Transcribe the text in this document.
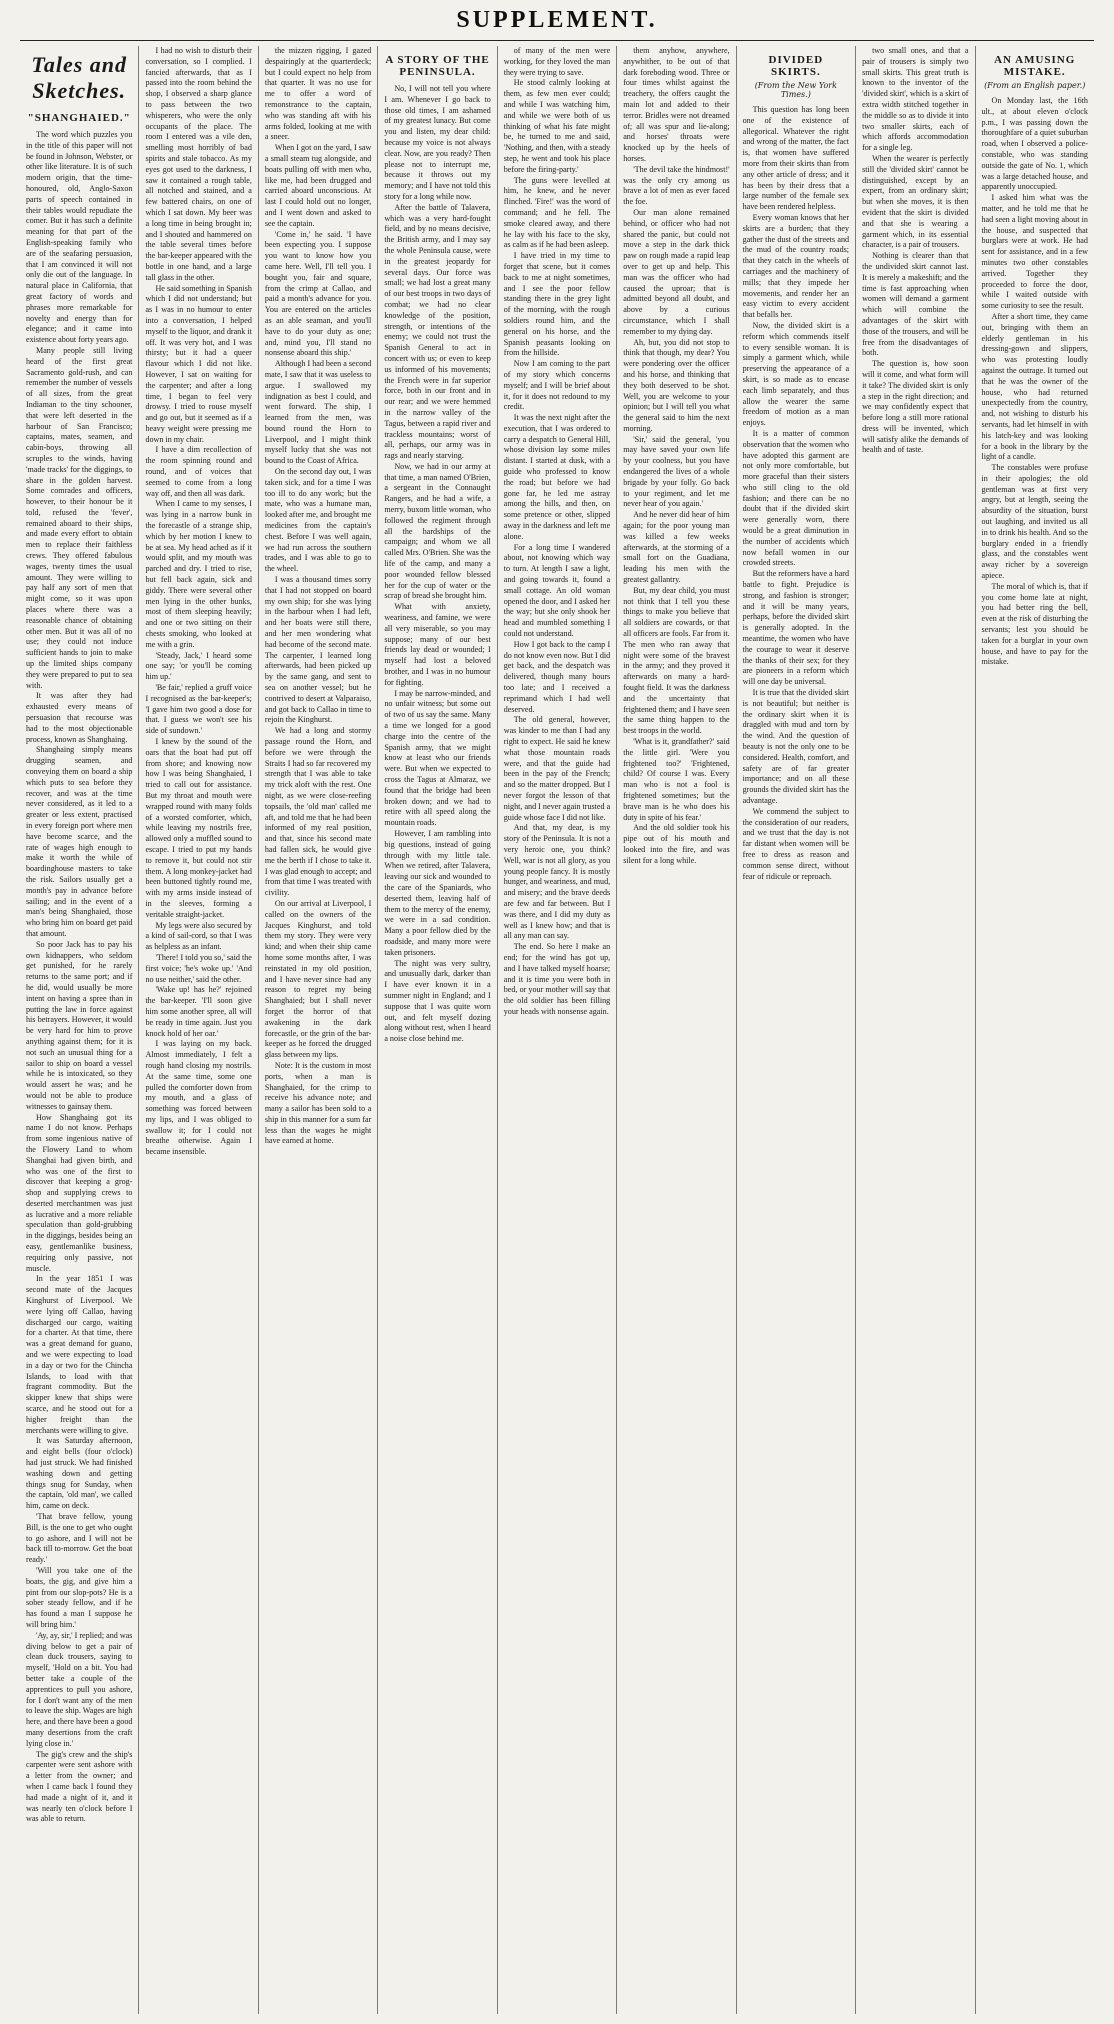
SUPPLEMENT.
Tales and Sketches.
"SHANGHAIED."

The word which puzzles you in the title of this paper will not be found in Johnson, Webster, or other like literature. It is of such modern origin, that the time-honoured, old, Anglo-Saxon parts of speech contained in their tables would repudiate the comer. But it has such a definite meaning for that part of the English-speaking family who are of the seafaring persuasion, that I am convinced it will not only die out of the language. In natural place in California, that great factory of words and phrases more remarkable for novelty and energy than for elegance; and it came into existence about forty years ago.

Many people still living heard of the first great Sacramento gold-rush, and can remember the number of vessels of all sizes, from the great Indiaman to the tiny schooner, that were left deserted in the harbour of San Francisco; captains, mates, seamen, and cabin-boys, throwing all scruples to the winds, having 'made tracks' for the diggings, to share in the golden harvest. Some comrades and officers, however, to their honour be it told, refused the 'fever', remained aboard to their ships, and made every effort to obtain men to replace their faithless crews. They offered fabulous wages, twenty times the usual amount. They were willing to pay half any sort of men that might come, so it was upon places where there was a reasonable chance of obtaining other men. But it was all of no use; they could not induce sufficient hands to join to make up the limited ships company they were prepared to put to sea with.

It was after they had exhausted every means of persuasion that recourse was had to the most objectionable process, known as Shanghaing.

Shanghaing simply means drugging seamen, and conveying them on board a ship which puts to sea before they recover, and was at the time never considered, as it led to a greater or less extent, practised in every foreign port where men have become scarce, and the rate of wages high enough to make it worth the while of boardinghouse masters to take the risk. Sailors usually get a month's pay in advance before sailing; and in the event of a man's being Shanghaied, those who bring him on board get paid that amount.

So poor Jack has to pay his own kidnappers, who seldom get punished, for he rarely returns to the same port; and if he did, would usually be more intent on having a spree than in putting the law in force against his betrayers. However, it would be very hard for him to prove anything against them; for it is not such an unusual thing for a sailor to ship on board a vessel while he is intoxicated, so they would assert he was; and he would not be able to produce witnesses to gainsay them.

How Shanghaing got its name I do not know. Perhaps from some ingenious native of the Flowery Land to whom Shanghai had given birth, and who was one of the first to discover that keeping a grog-shop and supplying crews to deserted merchantmen was just as lucrative and a more reliable speculation than gold-grubbing in the diggings, besides being an easy, gentlemanlike business, requiring only passive, not muscle.

In the year 1851 I was second mate of the Jacques Kinghurst of Liverpool. We were lying off Callao, having discharged our cargo, waiting for a charter. At that time, there was a great demand for guano, and we were expecting to load in a day or two for the Chincha Islands, to load with that fragrant commodity. But the skipper knew that ships were scarce, and he stood out for a higher freight than the merchants were willing to give.

It was Saturday afternoon, and eight bells (four o'clock) had just struck. We had finished washing down and getting things snug for Sunday, when the captain, 'old man', we called him, came on deck.

'That brave fellow, young Bill, is the one to get who ought to go ashore, and I will not be back till to-morrow. Get the boat ready.'

'Will you take one of the boats, the gig, and give him a pint from our slop-pots? He is a sober steady fellow, and if he has found a man I suppose he will bring him.'

'Ay, ay, sir,' I replied; and was diving below to get a pair of clean duck trousers, saying to myself, 'Hold on a bit. You had better take a couple of the apprentices to pull you ashore, for I don't want any of the men to leave the ship. Wages are high here, and there have been a good many desertions from the craft lying close in.'

The gig's crew and the ship's carpenter were sent ashore with a letter from the owner; and when I came back I found they had made a night of it, and it was nearly ten o'clock before I was able to return.

I had no wish to disturb their conversation, so I complied. I fancied afterwards, that as I passed into the room behind the shop, I observed a sharp glance to pass between the two whisperers, who were the only occupants of the place. The room I entered was a vile den, smelling most horribly of bad spirits and stale tobacco. As my eyes got used to the darkness, I saw it contained a rough table, all notched and stained, and a few battered chairs, on one of which I sat down. My beer was a long time in being brought in; and I shouted and hammered on the table several times before the bar-keeper appeared with the bottle in one hand, and a large tall glass in the other.

He said something in Spanish which I did not understand; but as I was in no humour to enter into a conversation, I helped myself to the liquor, and drank it off. It was very hot, and I was thirsty; but it had a queer flavour which I did not like. However, I sat on waiting for the carpenter; and after a long time, I began to feel very drowsy. I tried to rouse myself and go out, but it seemed as if a heavy weight were pressing me down in my chair.

I have a dim recollection of the room spinning round and round, and of voices that seemed to come from a long way off, and then all was dark.

When I came to my senses, I was lying in a narrow bunk in the forecastle of a strange ship, which by her motion I knew to be at sea. My head ached as if it would split, and my mouth was parched and dry. I tried to rise, but fell back again, sick and giddy. There were several other men lying in the other bunks, most of them sleeping heavily; and one or two sitting on their chests smoking, who looked at me with a grin.

'Steady, Jack,' I heard some one say; 'or you'll be coming him up.'

'Be fair,' replied a gruff voice I recognised as the bar-keeper's; 'I gave him two good a dose for that. I guess we won't see his side of sundown.'

I knew by the sound of the oars that the boat had put off from shore; and knowing now how I was being Shanghaied, I tried to call out for assistance. But my throat and mouth were wrapped round with many folds of a worsted comforter, which, while leaving my nostrils free, allowed only a muffled sound to escape. I tried to put my hands to remove it, but could not stir them. A long monkey-jacket had been buttoned tightly round me, with my arms inside instead of in the sleeves, forming a veritable straight-jacket.

My legs were also secured by a kind of sail-cord, so that I was as helpless as an infant.

'There! I told you so,' said the first voice; 'he's woke up.' 'And no use neither,' said the other.

'Wake up! has he?' rejoined the bar-keeper. 'I'll soon give him some another spree, all will be ready in time again. Just you knock hold of her oar.'

I was laying on my back. Almost immediately, I felt a rough hand closing my nostrils. At the same time, some one pulled the comforter down from my mouth, and a glass of something was forced between my lips, and I was obliged to swallow it; for I could not breathe otherwise. Again I became insensible.

the mizzen rigging, I gazed despairingly at the quarterdeck; but I could expect no help from that quarter. It was no use for me to offer a word of remonstrance to the captain, who was standing aft with his arms folded, looking at me with a sneer.

When I got on the yard, I saw a small steam tug alongside, and boats pulling off with men who, like me, had been drugged and carried aboard unconscious. At last I could hold out no longer, and I went down and asked to see the captain.

'Come in,' he said. 'I have been expecting you. I suppose you want to know how you came here. Well, I'll tell you. I bought you, fair and square, from the crimp at Callao, and paid a month's advance for you. You are entered on the articles as an able seaman, and you'll have to do your duty as one; and, mind you, I'll stand no nonsense aboard this ship.'

Although I had been a second mate, I saw that it was useless to argue. I swallowed my indignation as best I could, and went forward. The ship, I learned from the men, was bound round the Horn to Liverpool, and I might think myself lucky that she was not bound to the Coast of Africa.

On the second day out, I was taken sick, and for a time I was too ill to do any work; but the mate, who was a humane man, looked after me, and brought me medicines from the captain's chest. Before I was well again, we had run across the southern trades, and I was able to go to the wheel.

I was a thousand times sorry that I had not stopped on board my own ship; for she was lying in the harbour when I had left, and her boats were still there, and her men wondering what had become of the second mate. The carpenter, I learned long afterwards, had been picked up by the same gang, and sent to sea on another vessel; but he contrived to desert at Valparaiso, and got back to Callao in time to rejoin the Kinghurst.

We had a long and stormy passage round the Horn, and before we were through the Straits I had so far recovered my strength that I was able to take my trick aloft with the rest. One night, as we were close-reefing topsails, the 'old man' called me aft, and told me that he had been informed of my real position, and that, since his second mate had fallen sick, he would give me the berth if I chose to take it. I was glad enough to accept; and from that time I was treated with civility.

On our arrival at Liverpool, I called on the owners of the Jacques Kinghurst, and told them my story. They were very kind; and when their ship came home some months after, I was reinstated in my old position, and I have never since had any reason to regret my being Shanghaied; but I shall never forget the horror of that awakening in the dark forecastle, or the grin of the bar-keeper as he forced the drugged glass between my lips.

Note: It is the custom in most ports, when a man is Shanghaied, for the crimp to receive his advance note; and many a sailor has been sold to a ship in this manner for a sum far less than the wages he might have earned at home.

A STORY OF THE PENINSULA.

No, I will not tell you where I am. Whenever I go back to those old times, I am ashamed of my greatest lunacy. But come you and listen, my dear child: because my voice is not always clear. Now, are you ready? Then please not to interrupt me, because it throws out my memory; and I have not told this story for a long while now.

After the battle of Talavera, which was a very hard-fought field, and by no means decisive, the British army, and I may say the whole Peninsula cause, were in the greatest jeopardy for several days. Our force was small; we had lost a great many of our best troops in two days of combat; we had no clear knowledge of the position, strength, or intentions of the enemy; we could not trust the Spanish General to act in concert with us; or even to keep us informed of his movements; the French were in far superior force, both in our front and in our rear; and we were hemmed in the narrow valley of the Tagus, between a rapid river and trackless mountains; worst of all, perhaps, our army was in rags and nearly starving.

Now, we had in our army at that time, a man named O'Brien, a sergeant in the Connaught Rangers, and he had a wife, a merry, buxom little woman, who followed the regiment through all the hardships of the campaign; and whom we all called Mrs. O'Brien. She was the life of the camp, and many a poor wounded fellow blessed her for the cup of water or the scrap of bread she brought him.

What with anxiety, weariness, and famine, we were all very miserable, so you may suppose; many of our best friends lay dead or wounded; I myself had lost a beloved brother, and I was in no humour for fighting.

I may be narrow-minded, and no unfair witness; but some out of two of us say the same. Many a time we longed for a good charge into the centre of the Spanish army, that we might know at least who our friends were. But when we expected to cross the Tagus at Almaraz, we found that the bridge had been broken down; and we had to retire with all speed along the mountain roads.

However, I am rambling into big questions, instead of going through with my little tale. When we retired, after Talavera, leaving our sick and wounded to the care of the Spaniards, who deserted them, leaving half of them to the mercy of the enemy, we were in a sad condition. Many a poor fellow died by the roadside, and many more were taken prisoners.

The night was very sultry, and unusually dark, darker than I have ever known it in a summer night in England; and I suppose that I was quite worn out, and felt myself dozing along without rest, when I heard a noise close behind me.

of many of the men were working, for they loved the man they were trying to save.

He stood calmly looking at them, as few men ever could; and while I was watching him, and while we were both of us thinking of what his fate might be, he turned to me and said, 'Nothing, and then, with a steady step, he went and took his place before the firing-party.'

The guns were levelled at him, he knew, and he never flinched. 'Fire!' was the word of command; and he fell. The smoke cleared away, and there he lay with his face to the sky, as calm as if he had been asleep.

I have tried in my time to forget that scene, but it comes back to me at night sometimes, and I see the poor fellow standing there in the grey light of the morning, with the rough soldiers round him, and the general on his horse, and the Spanish peasants looking on from the hillside.

Now I am coming to the part of my story which concerns myself; and I will be brief about it, for it does not redound to my credit.

It was the next night after the execution, that I was ordered to carry a despatch to General Hill, whose division lay some miles distant. I started at dusk, with a guide who professed to know the road; but before we had gone far, he led me astray among the hills, and then, on some pretence or other, slipped away in the darkness and left me alone.

For a long time I wandered about, not knowing which way to turn. At length I saw a light, and going towards it, found a small cottage. An old woman opened the door, and I asked her the way; but she only shook her head and mumbled something I could not understand.

How I got back to the camp I do not know even now. But I did get back, and the despatch was delivered, though many hours too late; and I received a reprimand which I had well deserved.

The old general, however, was kinder to me than I had any right to expect. He said he knew what those mountain roads were, and that the guide had been in the pay of the French; and so the matter dropped. But I never forgot the lesson of that night, and I never again trusted a guide whose face I did not like.

And that, my dear, is my story of the Peninsula. It is not a very heroic one, you think? Well, war is not all glory, as you young people fancy. It is mostly hunger, and weariness, and mud, and misery; and the brave deeds are few and far between. But I was there, and I did my duty as well as I knew how; and that is all any man can say.

The end. So here I make an end; for the wind has got up, and I have talked myself hoarse; and it is time you were both in bed, or your mother will say that the old soldier has been filling your heads with nonsense again.

them anyhow, anywhere, anywhither, to be out of that dark foreboding wood. Three or four times whilst against the treachery, the offers caught the main lot and added to their terror. Bridles were not dreamed of; all was spur and lie-along; and horses' throats were knocked up by the heels of horses.

'The devil take the hindmost!' was the only cry among us brave a lot of men as ever faced the foe.

Our man alone remained behind, or officer who had not shared the panic, but could not move a step in the dark thick paw on rough made a rapid leap over to get up and help. This man was the officer who had caused the uproar; that is admitted beyond all doubt, and above by a curious circumstance, which I shall remember to my dying day.

Ah, but, you did not stop to think that though, my dear? You were pondering over the officer and his horse, and thinking that they both deserved to be shot. Well, you are welcome to your opinion; but I will tell you what the general said to him the next morning.

'Sir,' said the general, 'you may have saved your own life by your coolness, but you have endangered the lives of a whole brigade by your folly. Go back to your regiment, and let me never hear of you again.'

And he never did hear of him again; for the poor young man was killed a few weeks afterwards, at the storming of a small fort on the Guadiana, leading his men with the greatest gallantry.

But, my dear child, you must not think that I tell you these things to make you believe that all soldiers are cowards, or that all officers are fools. Far from it. The men who ran away that night were some of the bravest in the army; and they proved it afterwards on many a hard-fought field. It was the darkness and the uncertainty that frightened them; and I have seen the same thing happen to the best troops in the world.

'What is it, grandfather?' said the little girl. 'Were you frightened too?' 'Frightened, child? Of course I was. Every man who is not a fool is frightened sometimes; but the brave man is he who does his duty in spite of his fear.'

And the old soldier took his pipe out of his mouth and looked into the fire, and was silent for a long while.

DIVIDED SKIRTS.
(From the New York Times.)

This question has long been one of the existence of allegorical. Whatever the right and wrong of the matter, the fact is, that women have suffered more from their skirts than from any other article of dress; and it has been by their dress that a large number of the female sex have been rendered helpless.

Every woman knows that her skirts are a burden; that they gather the dust of the streets and the mud of the country roads; that they catch in the wheels of carriages and the machinery of mills; that they impede her movements, and render her an easy victim to every accident that befalls her.

Now, the divided skirt is a reform which commends itself to every sensible woman. It is simply a garment which, while preserving the appearance of a skirt, is so made as to encase each limb separately, and thus allow the wearer the same freedom of motion as a man enjoys.

It is a matter of common observation that the women who have adopted this garment are not only more comfortable, but more graceful than their sisters who still cling to the old fashion; and there can be no doubt that if the divided skirt were generally worn, there would be a great diminution in the number of accidents which now befall women in our crowded streets.

But the reformers have a hard battle to fight. Prejudice is strong, and fashion is stronger; and it will be many years, perhaps, before the divided skirt is generally adopted. In the meantime, the women who have the courage to wear it deserve the thanks of their sex; for they are pioneers in a reform which will one day be universal.

It is true that the divided skirt is not beautiful; but neither is the ordinary skirt when it is draggled with mud and torn by the wind. And the question of beauty is not the only one to be considered. Health, comfort, and safety are of far greater importance; and on all these grounds the divided skirt has the advantage.

We commend the subject to the consideration of our readers, and we trust that the day is not far distant when women will be free to dress as reason and common sense direct, without fear of ridicule or reproach.

two small ones, and that a pair of trousers is simply two small skirts. This great truth is known to the inventor of the 'divided skirt', which is a skirt of extra width stitched together in the middle so as to divide it into two smaller skirts, each of which affords accommodation for a single leg.

When the wearer is perfectly still the 'divided skirt' cannot be distinguished, except by an expert, from an ordinary skirt; but when she moves, it is then evident that the skirt is divided and that she is wearing a garment which, in its essential character, is a pair of trousers.

Nothing is clearer than that the undivided skirt cannot last. It is merely a makeshift; and the time is fast approaching when women will demand a garment which will combine the advantages of the skirt with those of the trousers, and will be free from the disadvantages of both.

The question is, how soon will it come, and what form will it take? The divided skirt is only a step in the right direction; and we may confidently expect that before long a still more rational dress will be invented, which will satisfy alike the demands of health and of taste.

AN AMUSING MISTAKE.
(From an English paper.)

On Monday last, the 16th ult., at about eleven o'clock p.m., I was passing down the thoroughfare of a quiet suburban road, when I observed a police-constable, who was standing outside the gate of No. 1, which was a large detached house, and apparently unoccupied.

I asked him what was the matter, and he told me that he had seen a light moving about in the house, and suspected that burglars were at work. He had sent for assistance, and in a few minutes two other constables arrived. Together they proceeded to force the door, while I waited outside with some curiosity to see the result.

After a short time, they came out, bringing with them an elderly gentleman in his dressing-gown and slippers, who was protesting loudly against the outrage. It turned out that he was the owner of the house, who had returned unexpectedly from the country, and, not wishing to disturb his servants, had let himself in with his latch-key and was looking for a book in the library by the light of a candle.

The constables were profuse in their apologies; the old gentleman was at first very angry, but at length, seeing the absurdity of the situation, burst out laughing, and invited us all in to drink his health. And so the burglary ended in a friendly glass, and the constables went away richer by a sovereign apiece.

The moral of which is, that if you come home late at night, you had better ring the bell, even at the risk of disturbing the servants; lest you should be taken for a burglar in your own house, and have to pay for the mistake.
